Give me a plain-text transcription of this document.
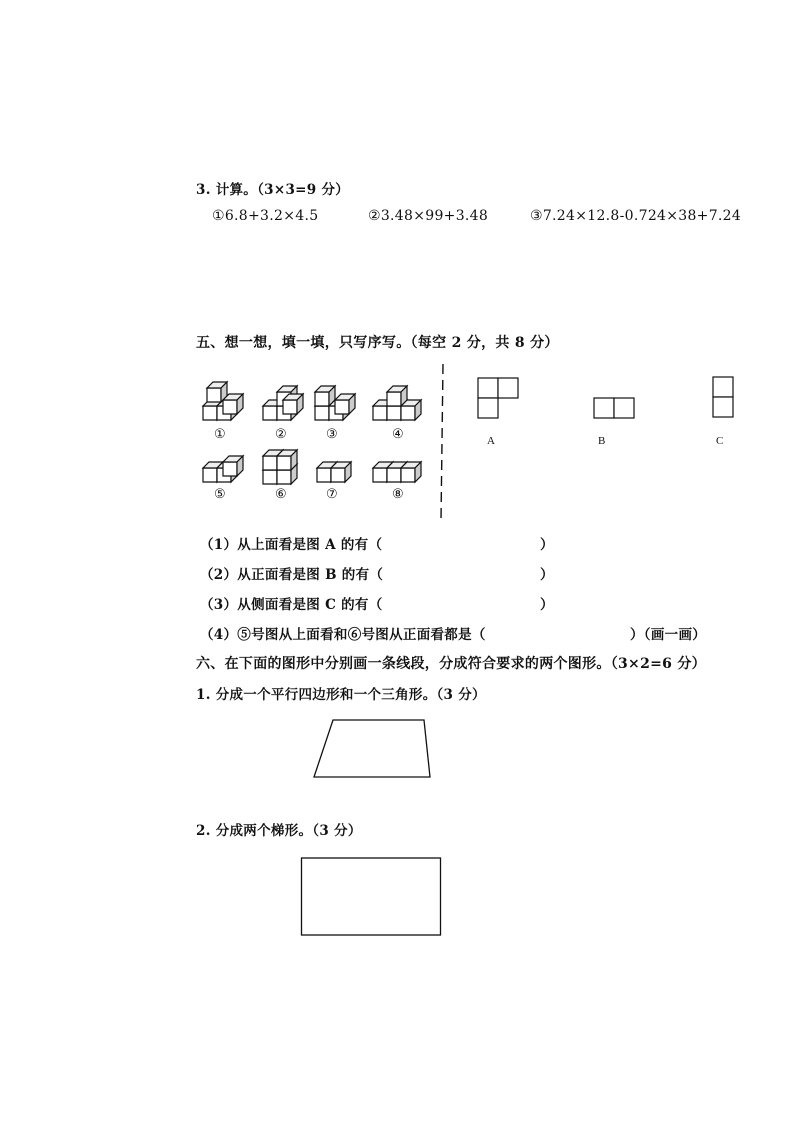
3. 计算。（3×3=9 分）
①6.8+3.2×4.5	②3.48×99+3.48	③7.24×12.8-0.724×38+7.24
五、想一想，填一填，只写序写。（每空 2 分，共 8 分）
①	②	③	④
⑤	⑥	⑦	⑧
A	B	C
（1）从上面看是图 A 的有（	）
（2）从正面看是图 B 的有（	）
（3）从侧面看是图 C 的有（	）
（4）⑤号图从上面看和⑥号图从正面看都是（	）（画一画）
六、在下面的图形中分别画一条线段，分成符合要求的两个图形。（3×2=6 分）
1. 分成一个平行四边形和一个三角形。（3 分）
2. 分成两个梯形。（3 分）
